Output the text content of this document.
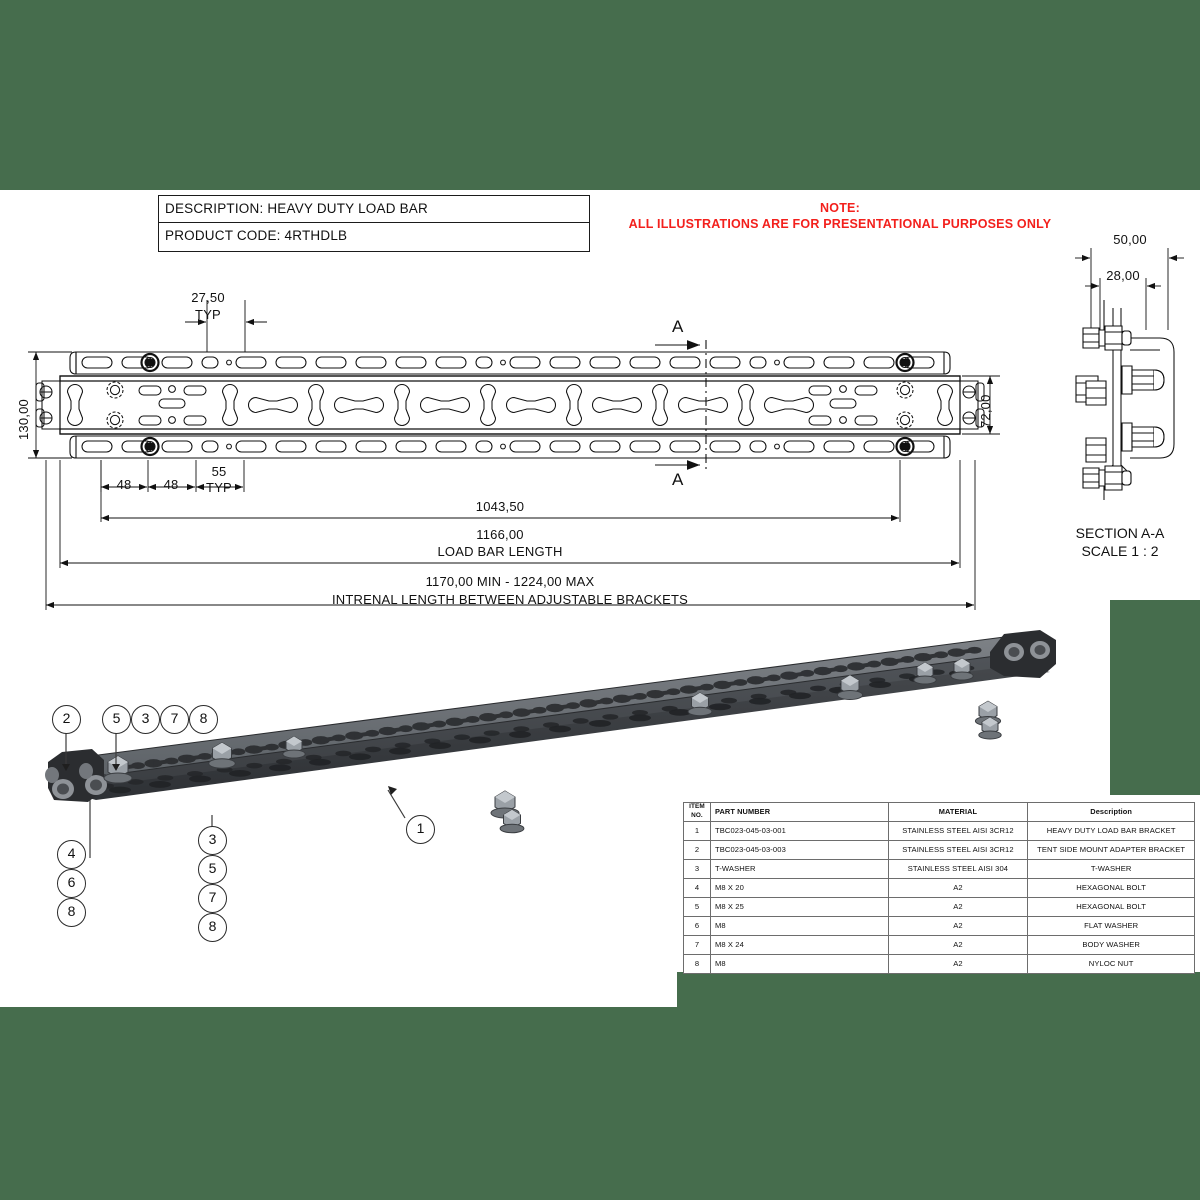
DESCRIPTION: HEAVY DUTY LOAD BAR
PRODUCT CODE: 4RTHDLB
NOTE:
ALL ILLUSTRATIONS ARE FOR PRESENTATIONAL PURPOSES ONLY
27,50
TYP
130,00	72,00
48	48
55
TYP
1043,50
1166,00
LOAD BAR LENGTH
1170,00 MIN - 1224,00 MAX
INTRENAL LENGTH BETWEEN ADJUSTABLE BRACKETS
A
A
50,00
28,00
SECTION A-A
SCALE 1 : 2
2	5	3	7	8
4
6
8
3
5
7
8
1
ITEM
NO.	PART NUMBER	MATERIAL	Description
1	TBC023-045-03-001	STAINLESS STEEL AISI 3CR12	HEAVY DUTY LOAD BAR BRACKET
2	TBC023-045-03-003	STAINLESS STEEL AISI 3CR12	TENT SIDE MOUNT ADAPTER BRACKET
3	T-WASHER	STAINLESS STEEL AISI 304	T-WASHER
4	M8 X 20	A2	HEXAGONAL BOLT
5	M8 X 25	A2	HEXAGONAL BOLT
6	M8	A2	FLAT WASHER
7	M8 X 24	A2	BODY WASHER
8	M8	A2	NYLOC NUT
